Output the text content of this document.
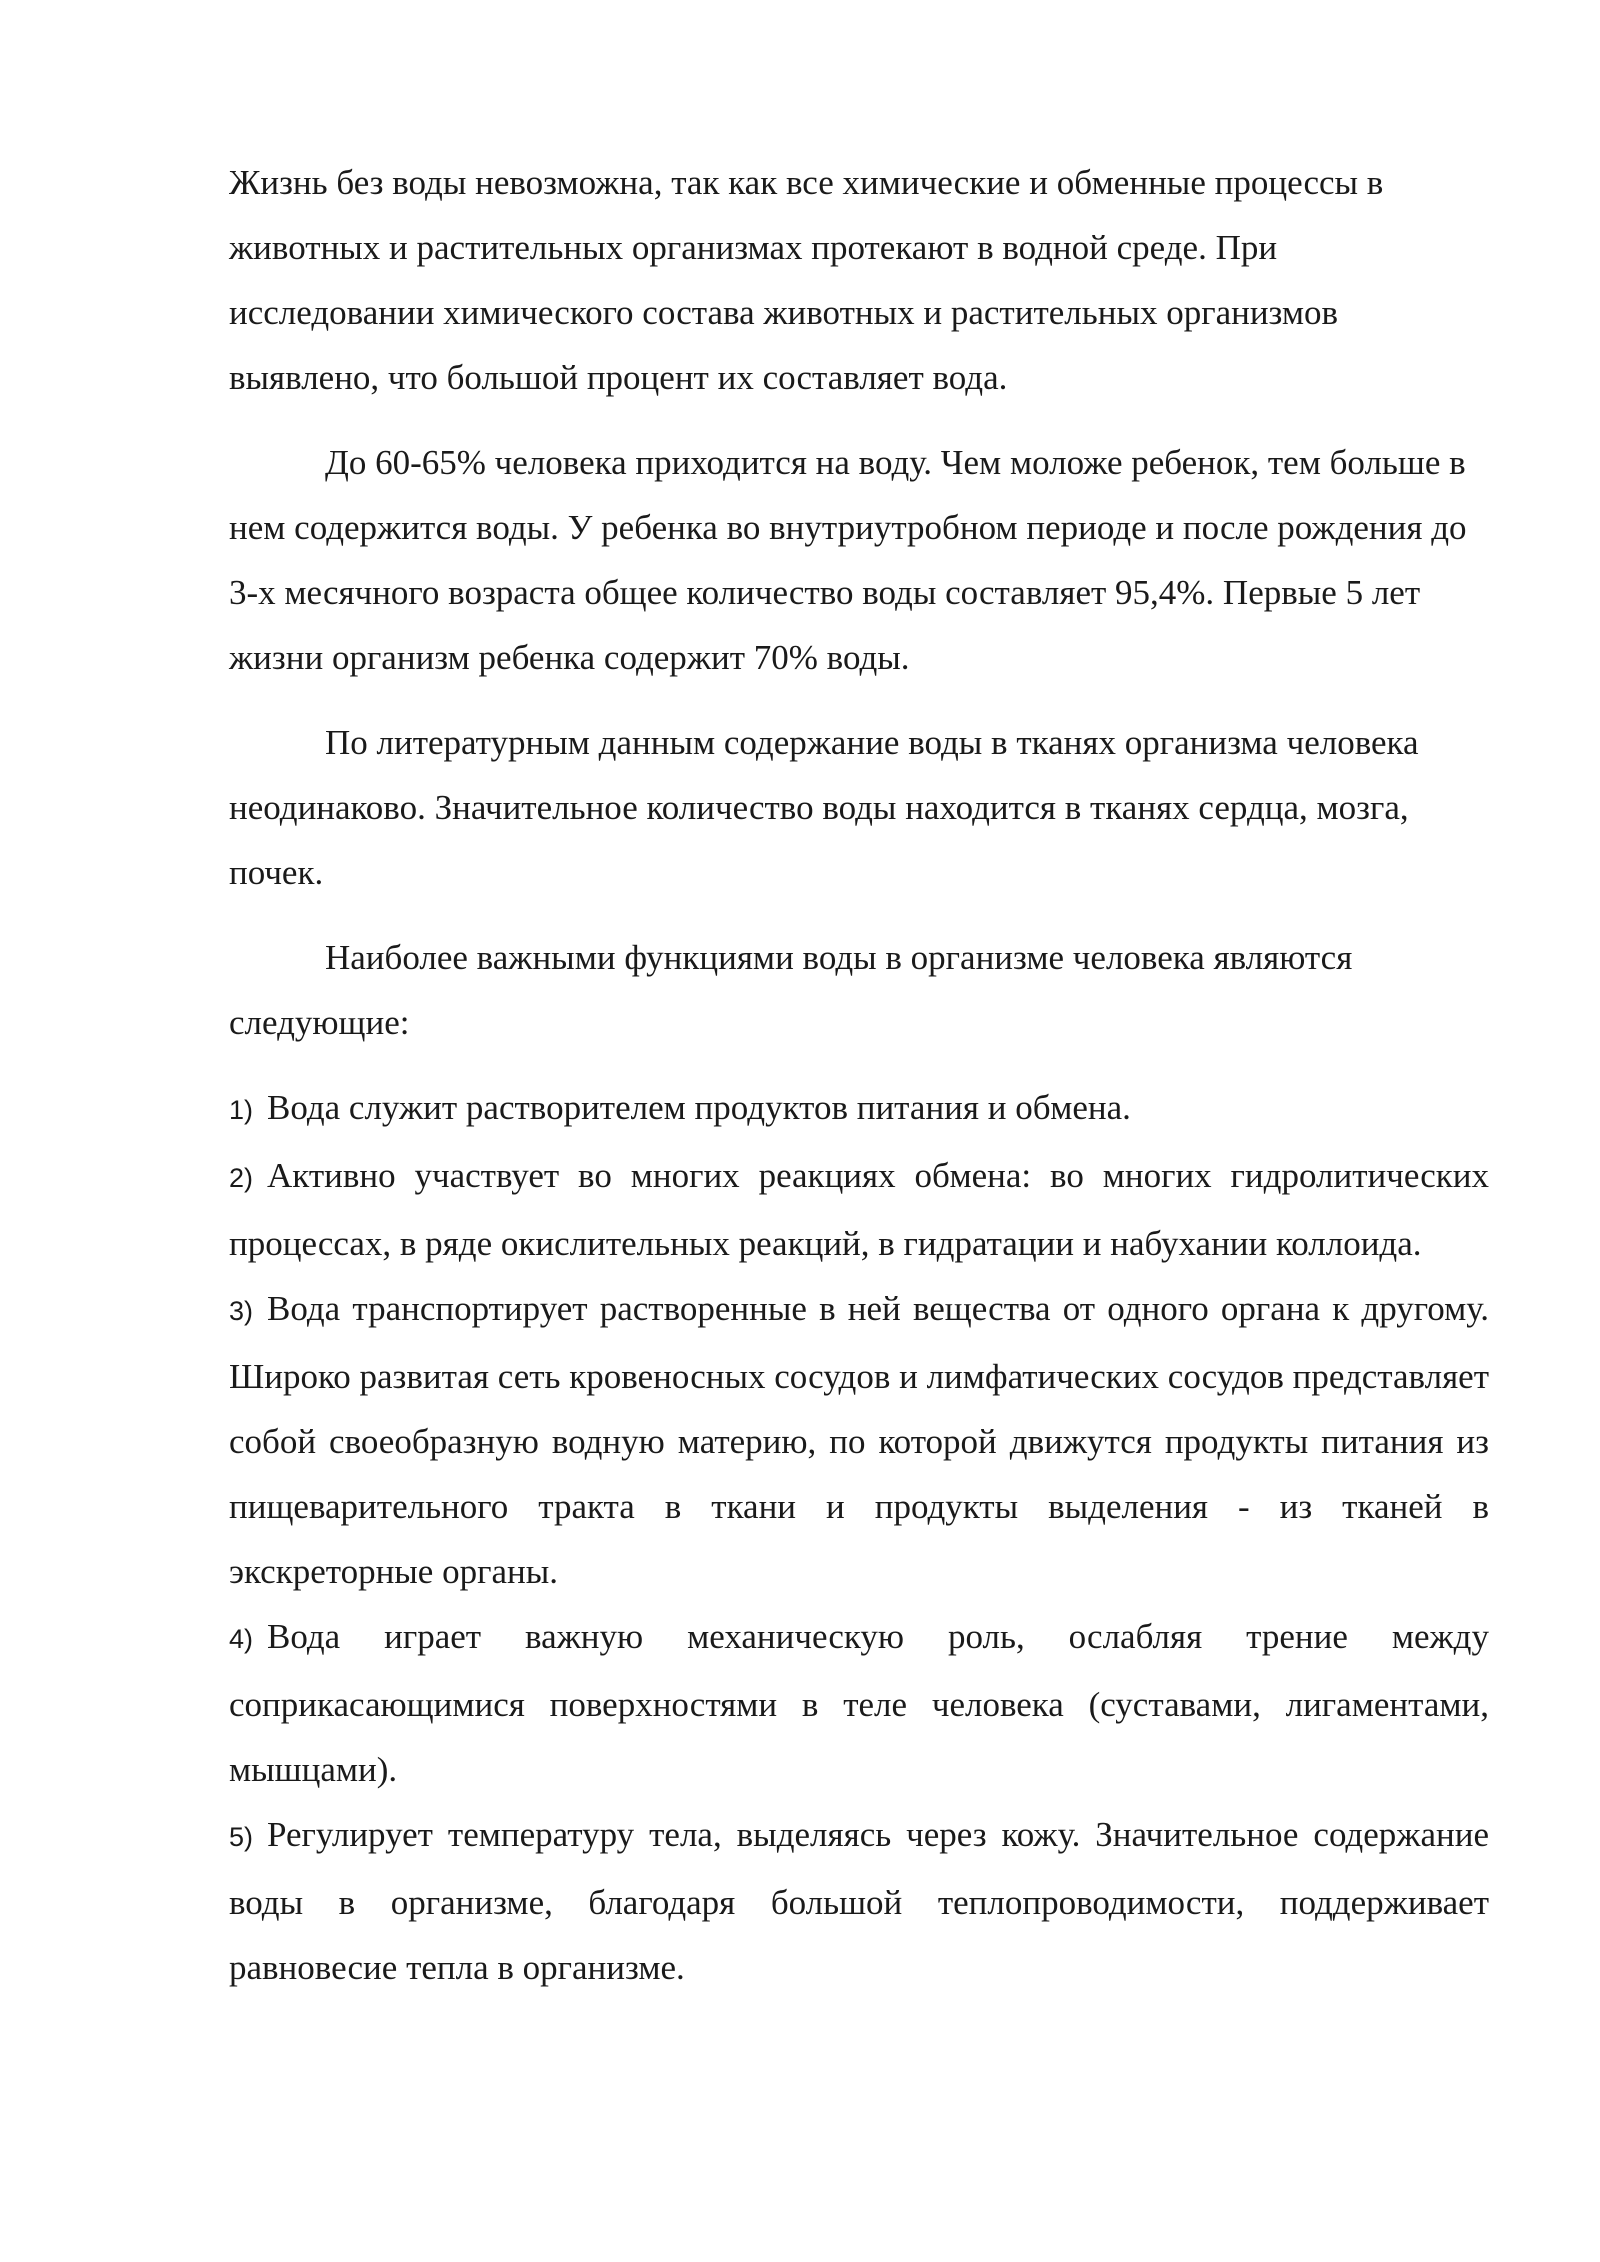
Жизнь без воды невозможна, так как все химические и обменные процессы в животных и растительных организмах протекают в водной среде. При исследовании химического состава животных и растительных организмов выявлено, что большой процент их составляет вода.

До 60-65% человека приходится на воду. Чем моложе ребенок, тем больше в нем содержится воды. У ребенка во внутриутробном периоде и после рождения до 3-х месячного возраста общее количество воды составляет 95,4%. Первые 5 лет жизни организм ребенка содержит 70% воды.

По литературным данным содержание воды в тканях организма человека неодинаково. Значительное количество воды находится в тканях сердца, мозга, почек.

Наиболее важными функциями воды в организме человека являются следующие:

1) Вода служит растворителем продуктов питания и обмена.

2) Активно участвует во многих реакциях обмена: во многих гидролитических процессах, в ряде окислительных реакций, в гидратации и набухании коллоида.

3) Вода транспортирует растворенные в ней вещества от одного органа к другому. Широко развитая сеть кровеносных сосудов и лимфатических сосудов представляет собой своеобразную водную материю, по которой движутся продукты питания из пищеварительного тракта в ткани и продукты выделения - из тканей в экскреторные органы.

4) Вода играет важную механическую роль, ослабляя трение между соприкасающимися поверхностями в теле человека (суставами, лигаментами, мышцами).

5) Регулирует температуру тела, выделяясь через кожу. Значительное содержание воды в организме, благодаря большой теплопроводимости, поддерживает равновесие тепла в организме.
